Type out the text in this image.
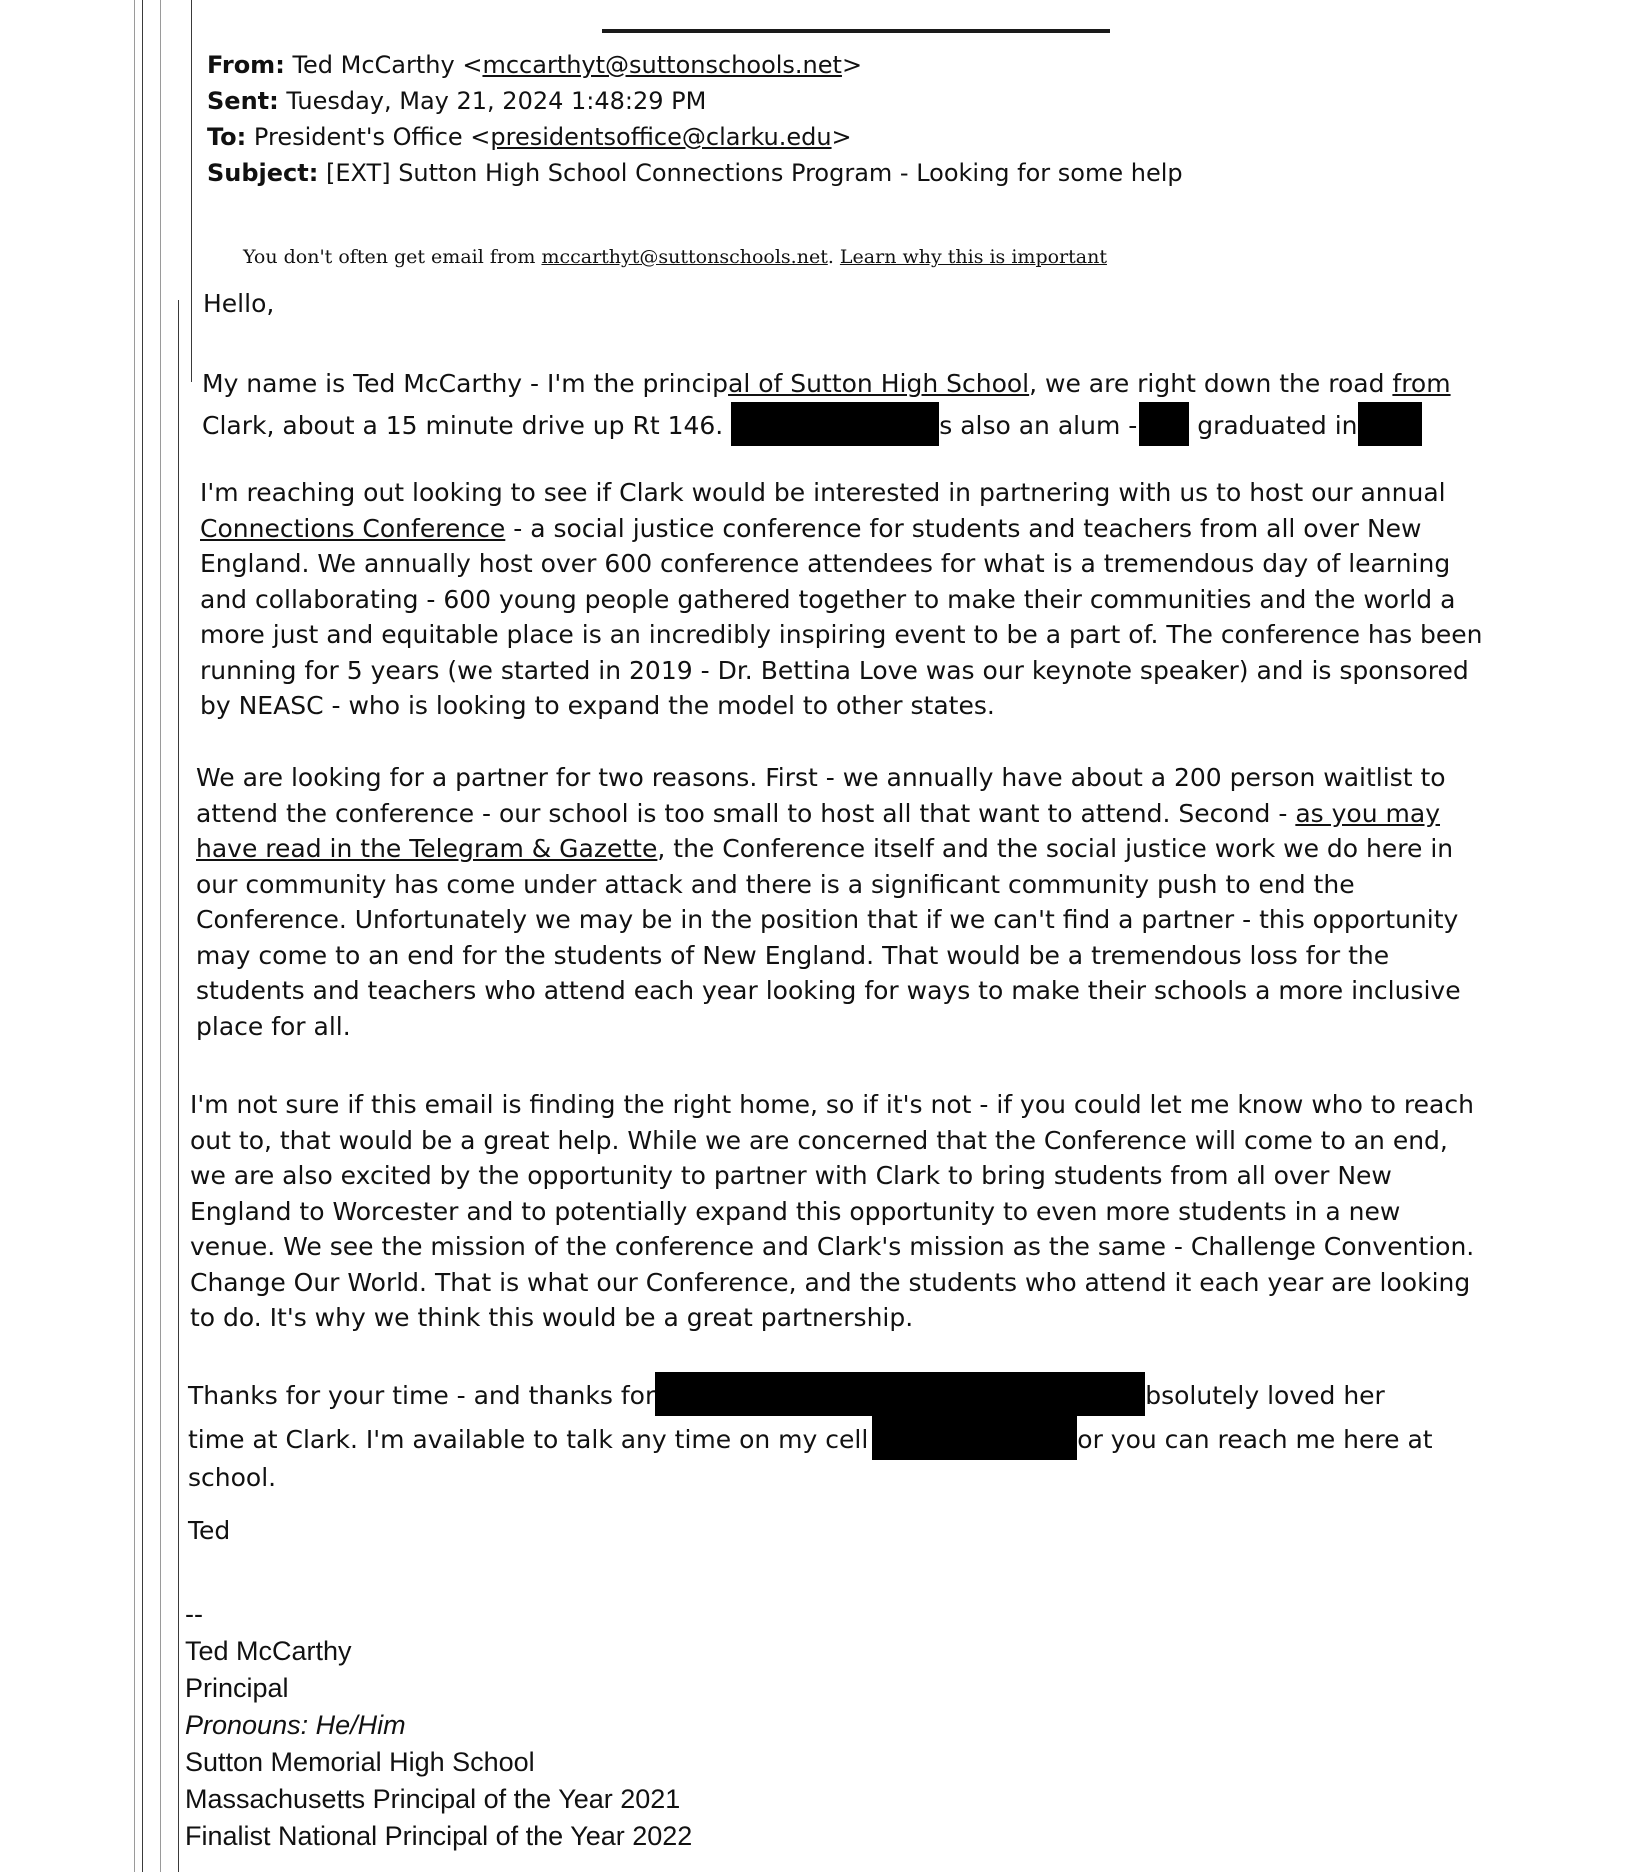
From: Ted McCarthy <mccarthyt@suttonschools.net>
Sent: Tuesday, May 21, 2024 1:48:29 PM
To: President's Office <presidentsoffice@clarku.edu>
Subject: [EXT] Sutton High School Connections Program - Looking for some help
You don't often get email from mccarthyt@suttonschools.net. Learn why this is important
Hello,
My name is Ted McCarthy - I'm the principal of Sutton High School, we are right down the road from
Clark, about a 15 minute drive up Rt 146.	s also an alum - graduated in
I'm reaching out looking to see if Clark would be interested in partnering with us to host our annual Connections Conference - a social justice conference for students and teachers from all over New England. We annually host over 600 conference attendees for what is a tremendous day of learning and collaborating - 600 young people gathered together to make their communities and the world a more just and equitable place is an incredibly inspiring event to be a part of. The conference has been running for 5 years (we started in 2019 - Dr. Bettina Love was our keynote speaker) and is sponsored by NEASC - who is looking to expand the model to other states.
We are looking for a partner for two reasons. First - we annually have about a 200 person waitlist to attend the conference - our school is too small to host all that want to attend. Second - as you may have read in the Telegram & Gazette, the Conference itself and the social justice work we do here in our community has come under attack and there is a significant community push to end the Conference. Unfortunately we may be in the position that if we can't find a partner - this opportunity may come to an end for the students of New England. That would be a tremendous loss for the students and teachers who attend each year looking for ways to make their schools a more inclusive place for all.
I'm not sure if this email is finding the right home, so if it's not - if you could let me know who to reach out to, that would be a great help. While we are concerned that the Conference will come to an end, we are also excited by the opportunity to partner with Clark to bring students from all over New England to Worcester and to potentially expand this opportunity to even more students in a new venue. We see the mission of the conference and Clark's mission as the same - Challenge Convention. Change Our World. That is what our Conference, and the students who attend it each year are looking to do. It's why we think this would be a great partnership.
Thanks for your time - and thanks for	bsolutely loved her
time at Clark. I'm available to talk any time on my cell	or you can reach me here at
school.
Ted
--
Ted McCarthy
Principal
Pronouns: He/Him
Sutton Memorial High School
Massachusetts Principal of the Year 2021
Finalist National Principal of the Year 2022
